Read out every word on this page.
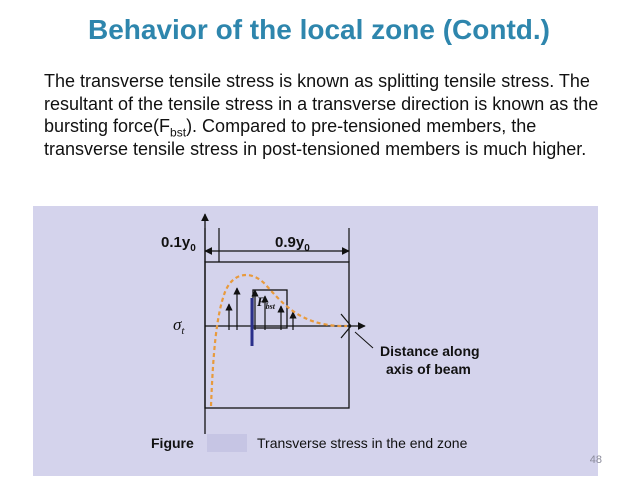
Behavior of the local zone (Contd.)
The transverse tensile stress is known as splitting tensile stress. The resultant of the tensile stress in a transverse direction is known as the bursting $force(F_{bst})$. Compared to pre-tensioned members, the transverse tensile stress in post-tensioned members is much higher.
$0.1y_0$	$0.9y_0$
$\sigma_t$
$F_{bst}$
Distance along
axis of beam
Figure	Transverse stress in the end zone
48
